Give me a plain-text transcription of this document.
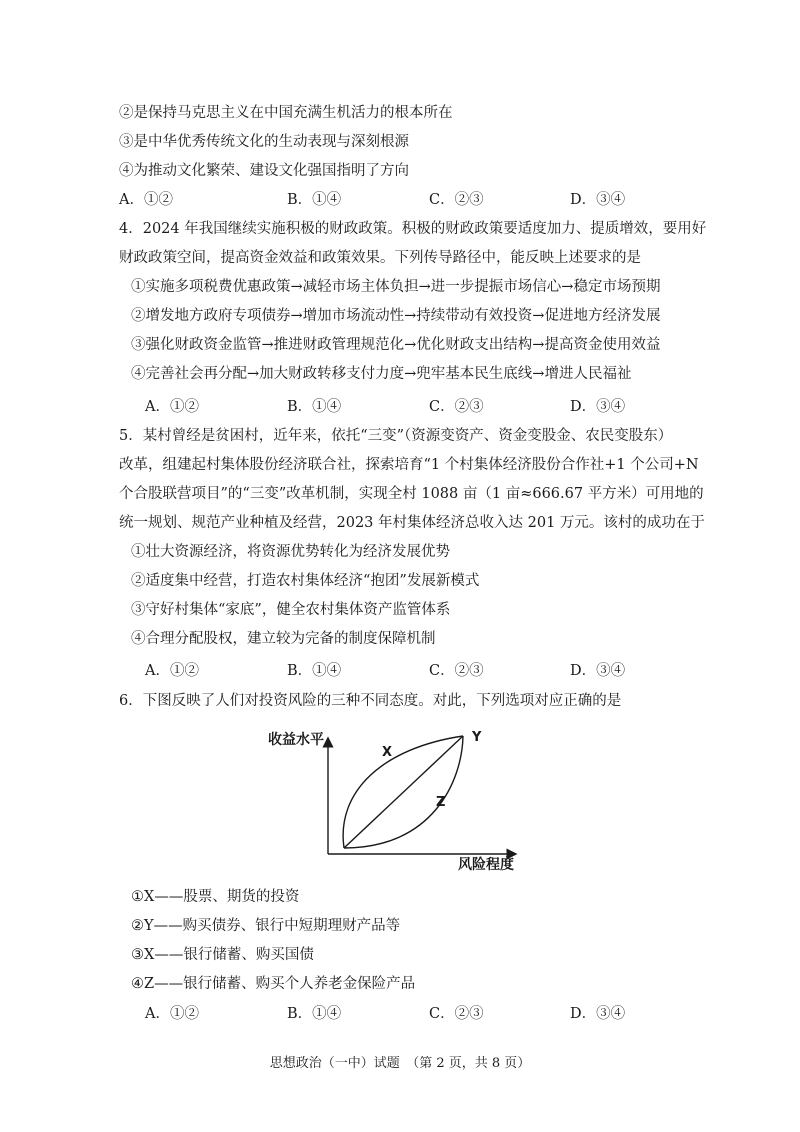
②是保持马克思主义在中国充满生机活力的根本所在
③是中华优秀传统文化的生动表现与深刻根源
④为推动文化繁荣、建设文化强国指明了方向
A．①②	B．①④	C．②③	D．③④
4．2024 年我国继续实施积极的财政政策。积极的财政政策要适度加力、提质增效，要用好
财政政策空间，提高资金效益和政策效果。下列传导路径中，能反映上述要求的是
①实施多项税费优惠政策→减轻市场主体负担→进一步提振市场信心→稳定市场预期
②增发地方政府专项债券→增加市场流动性→持续带动有效投资→促进地方经济发展
③强化财政资金监管→推进财政管理规范化→优化财政支出结构→提高资金使用效益
④完善社会再分配→加大财政转移支付力度→兜牢基本民生底线→增进人民福祉
A．①②	B．①④	C．②③	D．③④
5．某村曾经是贫困村，近年来，依托“三变”（资源变资产、资金变股金、农民变股东）
改革，组建起村集体股份经济联合社，探索培育“1 个村集体经济股份合作社+1 个公司+N
个合股联营项目”的“三变”改革机制，实现全村 1088 亩（1 亩≈666.67 平方米）可用地的
统一规划、规范产业种植及经营，2023 年村集体经济总收入达 201 万元。该村的成功在于
①壮大资源经济，将资源优势转化为经济发展优势
②适度集中经营，打造农村集体经济“抱团”发展新模式
③守好村集体“家底”，健全农村集体资产监管体系
④合理分配股权，建立较为完备的制度保障机制
A．①②	B．①④	C．②③	D．③④
6．下图反映了人们对投资风险的三种不同态度。对此，下列选项对应正确的是
收益水平
风险程度
X
Y
Z
①X——股票、期货的投资
②Y——购买债券、银行中短期理财产品等
③X——银行储蓄、购买国债
④Z——银行储蓄、购买个人养老金保险产品
A．①②	B．①④	C．②③	D．③④
思想政治（一中）试题　（第 2 页，共 8 页）
